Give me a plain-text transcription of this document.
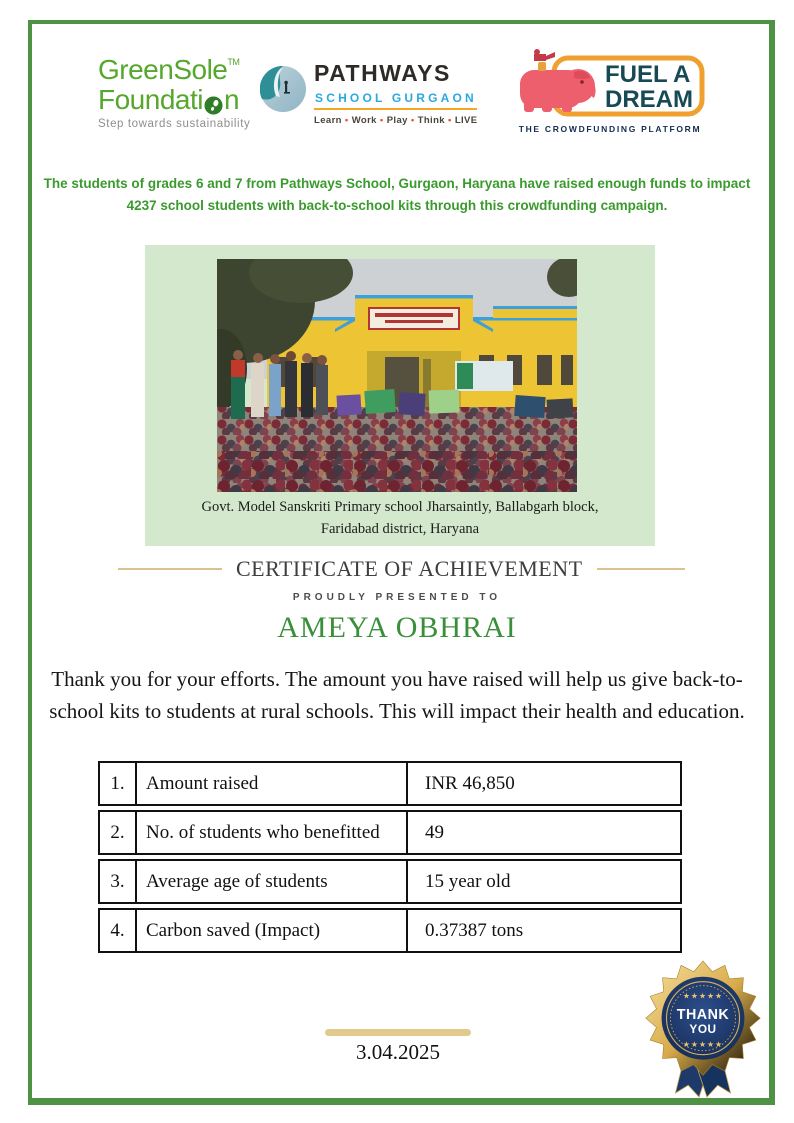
GreenSole™
Foundati n
Step towards sustainability
PATHWAYS
SCHOOL GURGAON
Learn • Work • Play • Think • LIVE
FUEL A
DREAM
THE CROWDFUNDING PLATFORM
The students of grades 6 and 7 from Pathways School, Gurgaon, Haryana have raised enough funds to impact
4237 school students with back-to-school kits through this crowdfunding campaign.
Govt. Model Sanskriti Primary school Jharsaintly, Ballabgarh block,
Faridabad district, Haryana
CERTIFICATE OF ACHIEVEMENT
PROUDLY PRESENTED TO
AMEYA OBHRAI
Thank you for your efforts. The amount you have raised will help us give back-to-
school kits to students at rural schools. This will impact their health and education.
1.	Amount raised	INR 46,850
2.	No. of students who benefitted	49
3.	Average age of students	15 year old
4.	Carbon saved (Impact)	0.37387 tons
3.04.2025
★★★★★
THANK
YOU
★★★★★
